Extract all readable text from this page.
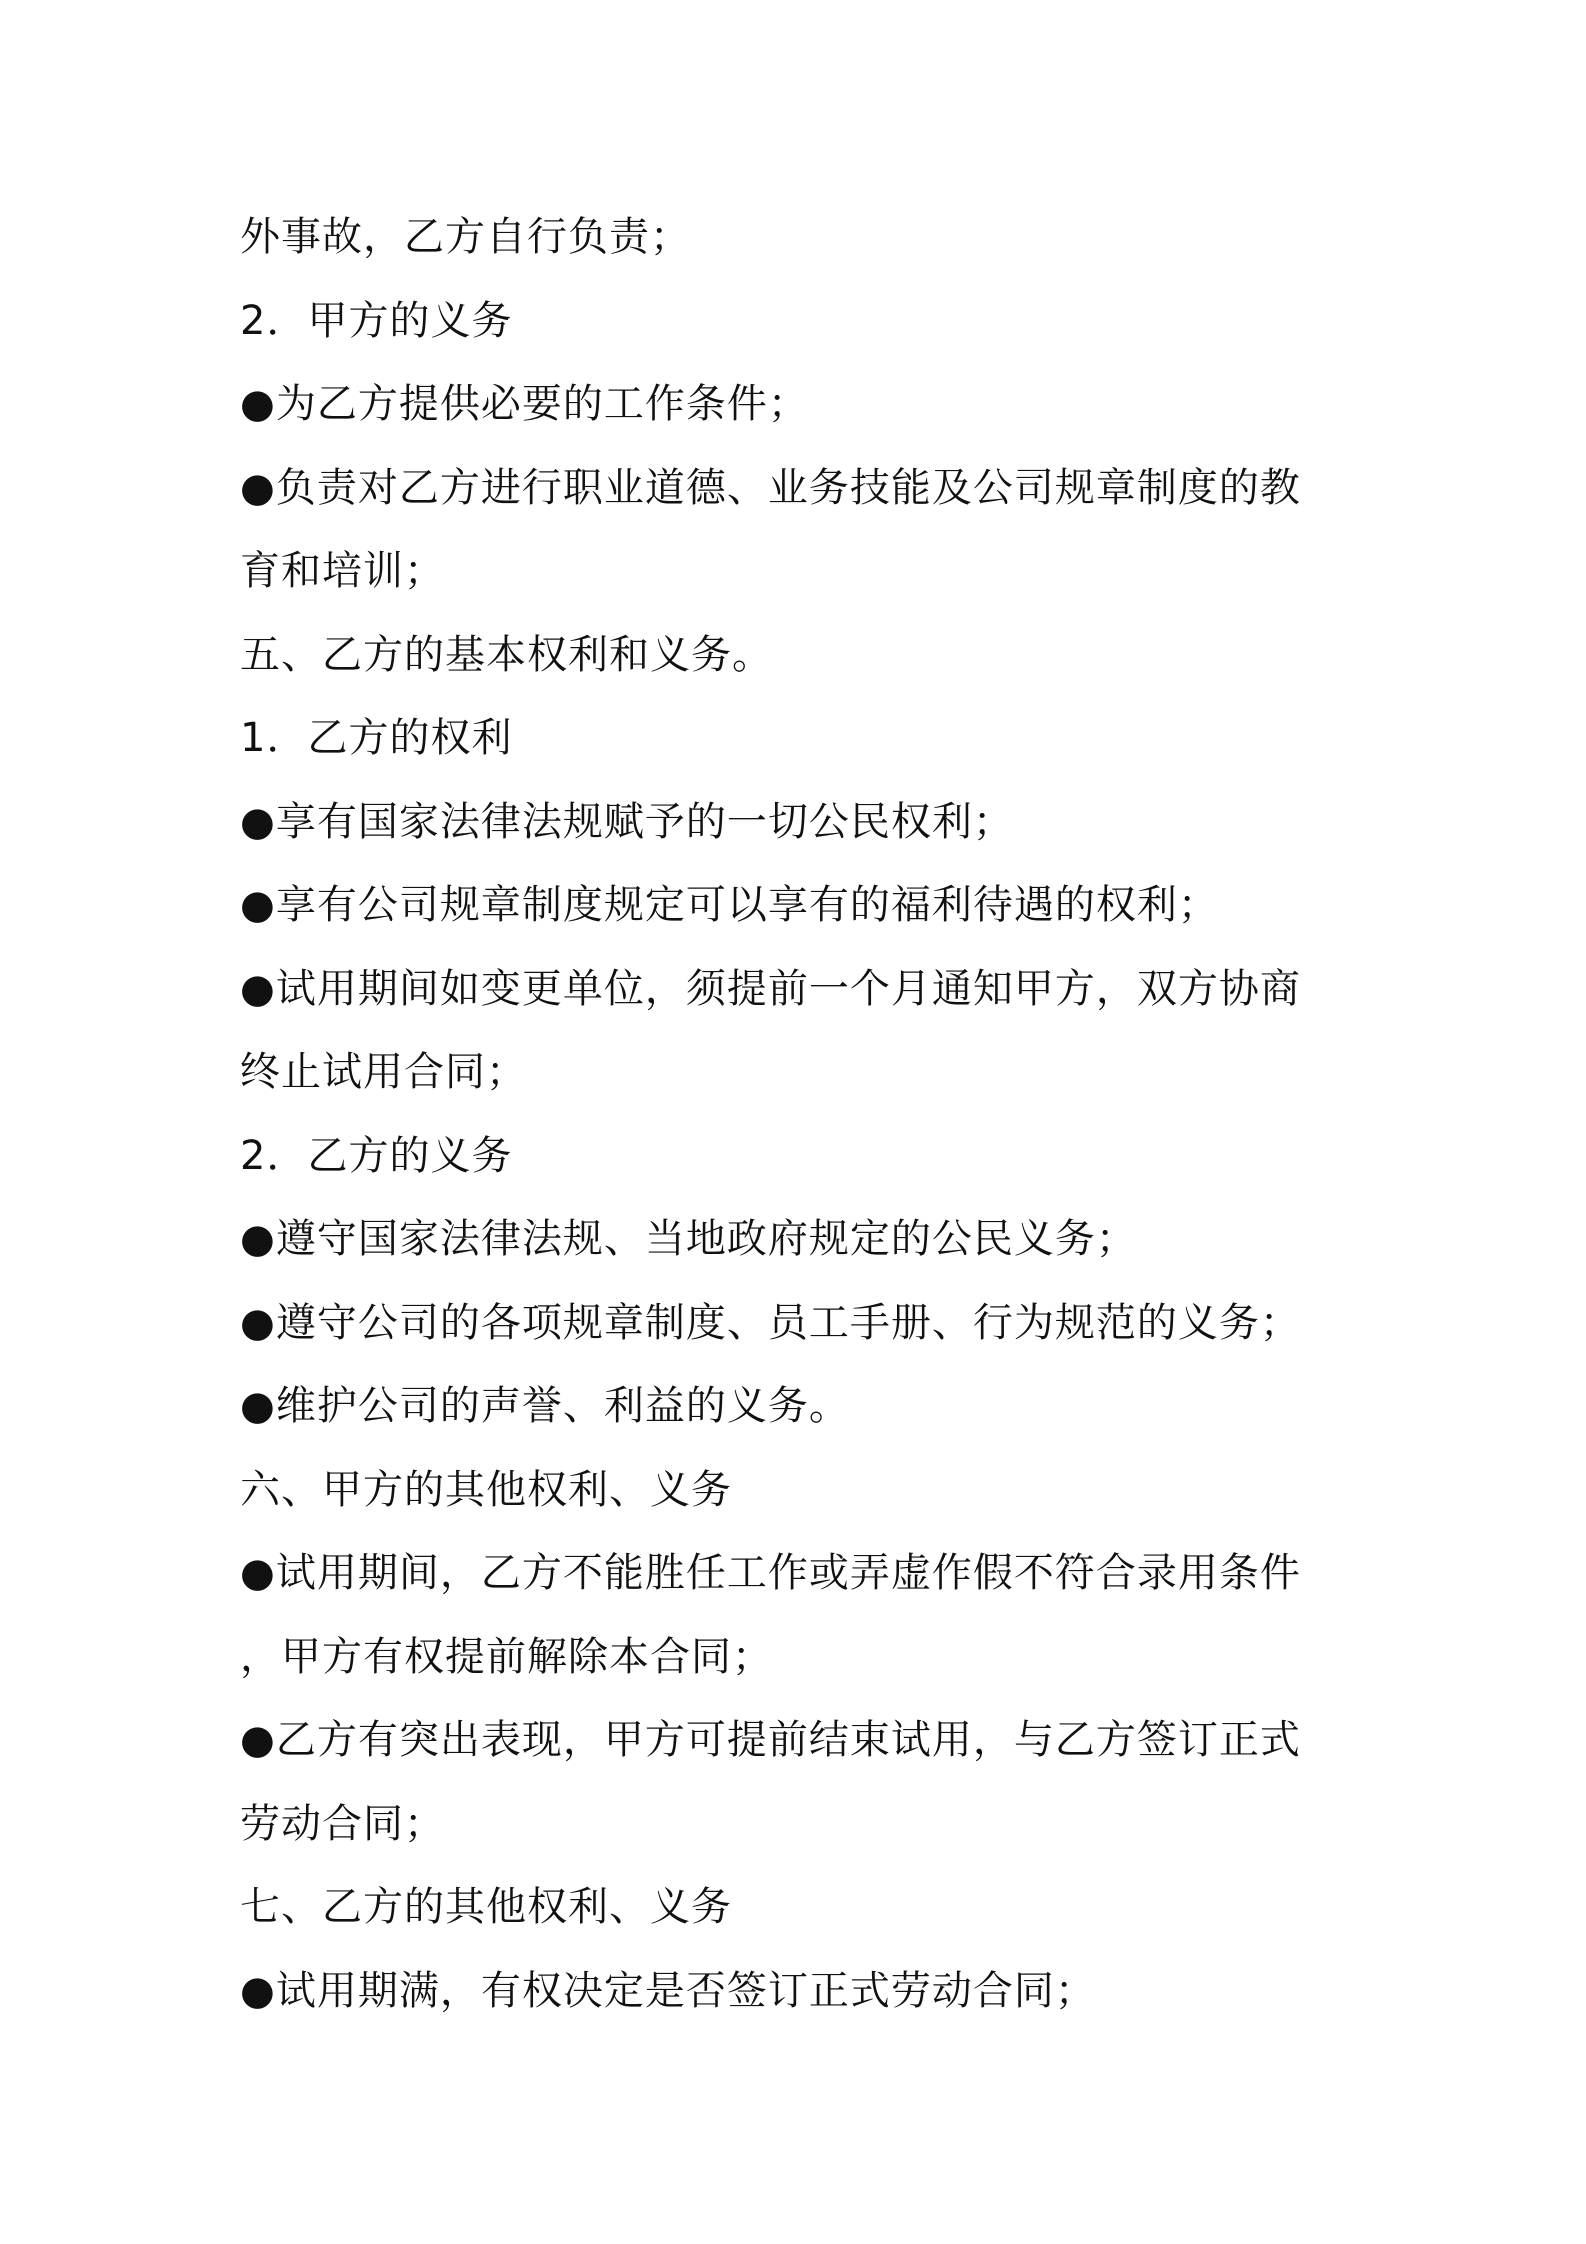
外事故，乙方自行负责；
2．甲方的义务
●为乙方提供必要的工作条件；
●负责对乙方进行职业道德、业务技能及公司规章制度的教
育和培训；
五、乙方的基本权利和义务。
1．乙方的权利
●享有国家法律法规赋予的一切公民权利；
●享有公司规章制度规定可以享有的福利待遇的权利；
●试用期间如变更单位，须提前一个月通知甲方，双方协商
终止试用合同；
2．乙方的义务
●遵守国家法律法规、当地政府规定的公民义务；
●遵守公司的各项规章制度、员工手册、行为规范的义务；
●维护公司的声誉、利益的义务。
六、甲方的其他权利、义务
●试用期间，乙方不能胜任工作或弄虚作假不符合录用条件
，甲方有权提前解除本合同；
●乙方有突出表现，甲方可提前结束试用，与乙方签订正式
劳动合同；
七、乙方的其他权利、义务
●试用期满，有权决定是否签订正式劳动合同；
